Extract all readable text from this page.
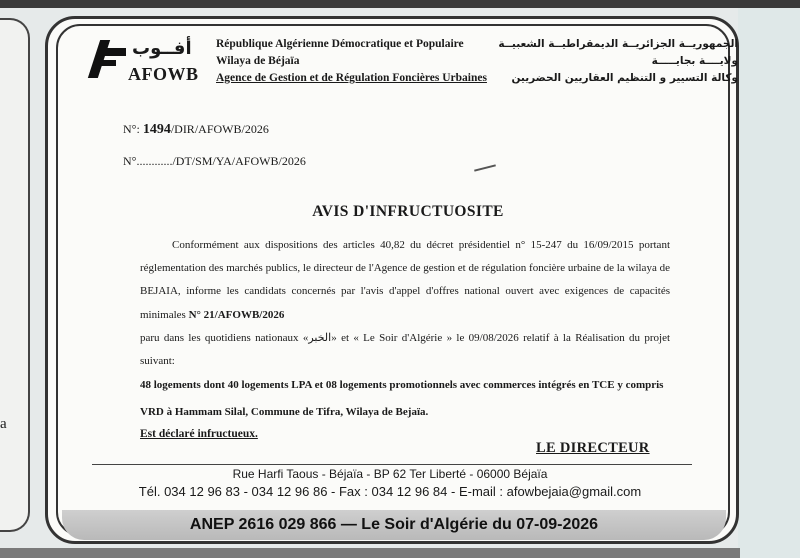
a
أفــوب
AFOWB
République Algérienne Démocratique et Populaire
Wilaya de Béjaïa
Agence de Gestion et de Régulation Foncières Urbaines
الجمهوريــة الجزائريــة الديمقراطيــة الشعبيــة
ولايــــة بجايـــــة
وكالة التسيير و التنظيم العقاريين الحضريين
N°: 1494/DIR/AFOWB/2026
N°............/DT/SM/YA/AFOWB/2026
AVIS D'INFRUCTUOSITE

Conformément aux dispositions des articles 40,82 du décret présidentiel n° 15-247 du 16/09/2015 portant réglementation des marchés publics, le directeur de l'Agence de gestion et de régulation foncière urbaine de la wilaya de BEJAIA, informe les candidats concernés par l'avis d'appel d'offres national ouvert avec exigences de capacités minimales N° 21/AFOWB/2026

paru dans les quotidiens nationaux «الخبر» et « Le Soir d'Algérie » le 09/08/2026 relatif à la Réalisation du projet suivant:

48 logements dont 40 logements LPA et 08 logements promotionnels avec commerces intégrés en TCE y compris VRD à Hammam Silal, Commune de Tifra, Wilaya de Bejaïa.
Est déclaré infructueux.
LE DIRECTEUR
Rue Harfi Taous - Béjaïa - BP 62 Ter Liberté - 06000 Béjaïa
Tél. 034 12 96 83 - 034 12 96 86 - Fax : 034 12 96 84 - E-mail : afowbejaia@gmail.com
ANEP 2616 029 866 — Le Soir d'Algérie du 07-09-2026
